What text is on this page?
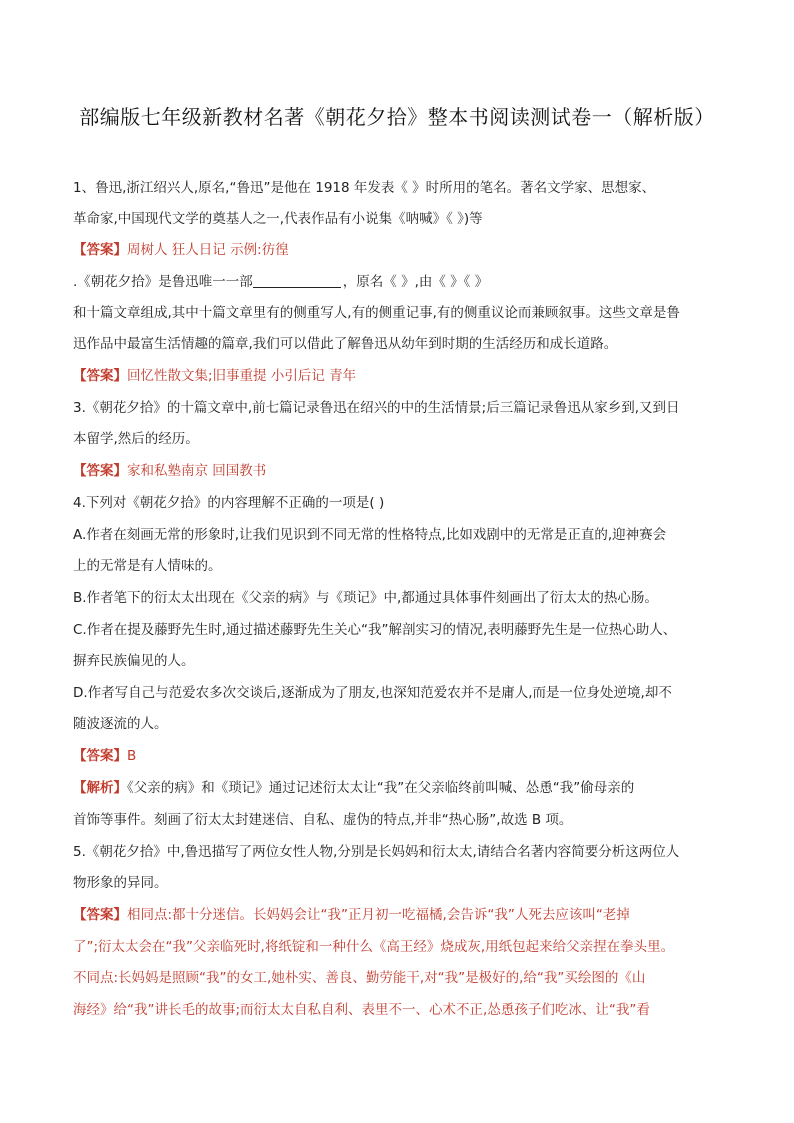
部编版七年级新教材名著《朝花夕拾》整本书阅读测试卷一（解析版）
1、鲁迅,浙江绍兴人,原名,“鲁迅”是他在 1918 年发表《 》时所用的笔名。著名文学家、思想家、
革命家,中国现代文学的奠基人之一,代表作品有小说集《呐喊》《 》)等
【答案】周树人 狂人日记 示例:彷徨
.《朝花夕拾》是鲁迅唯一一部	，原名《 》,由《 》《 》
和十篇文章组成,其中十篇文章里有的侧重写人,有的侧重记事,有的侧重议论而兼顾叙事。这些文章是鲁
迅作品中最富生活情趣的篇章,我们可以借此了解鲁迅从幼年到时期的生活经历和成长道路。
【答案】回忆性散文集;旧事重提 小引后记 青年
3.《朝花夕拾》的十篇文章中,前七篇记录鲁迅在绍兴的中的生活情景;后三篇记录鲁迅从家乡到,又到日
本留学,然后的经历。
【答案】家和私塾南京 回国教书
4.下列对《朝花夕拾》的内容理解不正确的一项是( )
A.作者在刻画无常的形象时,让我们见识到不同无常的性格特点,比如戏剧中的无常是正直的,迎神赛会
上的无常是有人情味的。
B.作者笔下的衍太太出现在《父亲的病》与《琐记》中,都通过具体事件刻画出了衍太太的热心肠。
C.作者在提及藤野先生时,通过描述藤野先生关心“我”解剖实习的情况,表明藤野先生是一位热心助人、
摒弃民族偏见的人。
D.作者写自己与范爱农多次交谈后,逐渐成为了朋友,也深知范爱农并不是庸人,而是一位身处逆境,却不
随波逐流的人。
【答案】B
【解析】《父亲的病》和《琐记》通过记述衍太太让“我”在父亲临终前叫喊、怂恿“我”偷母亲的
首饰等事件。刻画了衍太太封建迷信、自私、虚伪的特点,并非“热心肠”,故选 B 项。
5.《朝花夕拾》中,鲁迅描写了两位女性人物,分别是长妈妈和衍太太,请结合名著内容简要分析这两位人
物形象的异同。
【答案】相同点:都十分迷信。长妈妈会让“我”正月初一吃福橘,会告诉“我”人死去应该叫“老掉
了”;衍太太会在“我”父亲临死时,将纸锭和一种什么《高王经》烧成灰,用纸包起来给父亲捏在拳头里。
不同点:长妈妈是照顾“我”的女工,她朴实、善良、勤劳能干,对“我”是极好的,给“我”买绘图的《山
海经》给“我”讲长毛的故事;而衍太太自私自利、表里不一、心术不正,怂恿孩子们吃冰、让“我”看
